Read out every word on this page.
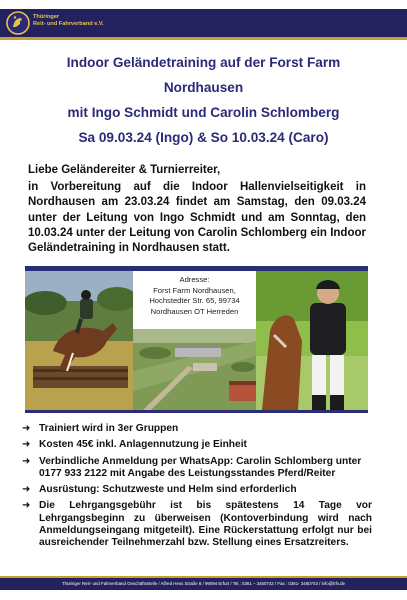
Thüringer
Reit- und Fahrverband e.V.
Indoor Geländetraining auf der Forst Farm
Nordhausen
mit Ingo Schmidt und Carolin Schlomberg
Sa 09.03.24 (Ingo) & So 10.03.24 (Caro)
Liebe Geländereiter & Turnierreiter,
in Vorbereitung auf die Indoor Hallenvielseitigkeit in Nordhausen am 23.03.24 findet am Samstag, den 09.03.24 unter der Leitung von Ingo Schmidt und am Sonntag, den 10.03.24 unter der Leitung von Carolin Schlomberg ein Indoor Geländetraining in Nordhausen statt.
Adresse:
Forst Farm Nordhausen,
Hochstedter Str. 65, 99734
Nordhausen OT Herreden
➜ Trainiert wird in 3er Gruppen
➜ Kosten 45€ inkl. Anlagennutzung je Einheit
➜ Verbindliche Anmeldung per WhatsApp: Carolin Schlomberg unter 0177 933 2122 mit Angabe des Leistungsstandes Pferd/Reiter
➜ Ausrüstung: Schutzweste und Helm sind erforderlich
➜ Die Lehrgangsgebühr ist bis spätestens 14 Tage vor Lehrgangsbeginn zu überweisen (Kontoverbindung wird nach Anmeldungseingang mitgeteilt). Eine Rückerstattung erfolgt nur bei ausreichender Teilnehmerzahl bzw. Stellung eines Ersatzreiters.
Thüringer Reit- und Fahrverband Geschäftsstelle / Alfred Hess Straße 8 / 99094 Erfurt / Tel.: 0361 – 3460742 / Fax : 0361- 3460743 / info@trfv.de
